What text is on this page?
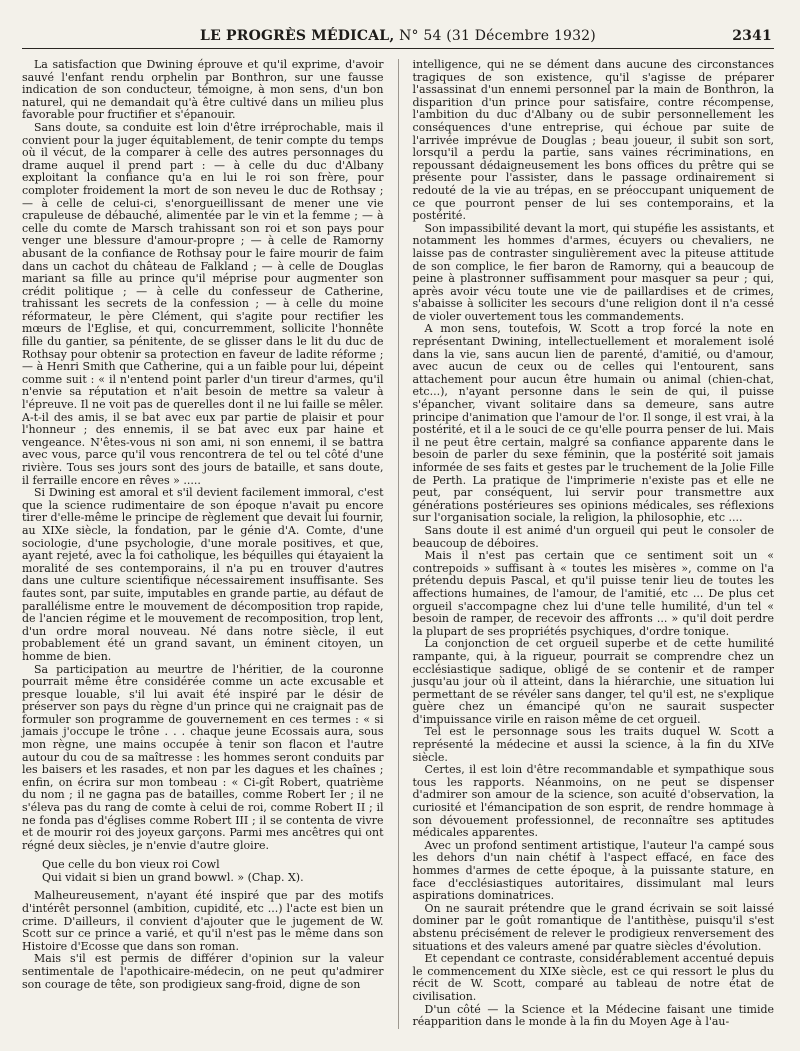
LE PROGRÈS MÉDICAL, N° 54 (31 Décembre 1932)	2341

La satisfaction que Dwining éprouve et qu'il exprime, d'avoir sauvé l'enfant rendu orphelin par Bonthron, sur une fausse indication de son conducteur, témoigne, à mon sens, d'un bon naturel, qui ne demandait qu'à être cultivé dans un milieu plus favorable pour fructifier et s'épanouir.

Sans doute, sa conduite est loin d'être irréprochable, mais il convient pour la juger équitablement, de tenir compte du temps où il vécut, de la comparer à celle des autres personnages du drame auquel il prend part : — à celle du duc d'Albany exploitant la confiance qu'a en lui le roi son frère, pour comploter froidement la mort de son neveu le duc de Rothsay ; — à celle de celui-ci, s'enorgueillissant de mener une vie crapuleuse de débauché, alimentée par le vin et la femme ; — à celle du comte de Marsch trahissant son roi et son pays pour venger une blessure d'amour-propre ; — à celle de Ramorny abusant de la confiance de Rothsay pour le faire mourir de faim dans un cachot du château de Falkland ; — à celle de Douglas mariant sa fille au prince qu'il méprise pour augmenter son crédit politique ; — à celle du confesseur de Catherine, trahissant les secrets de la confession ; — à celle du moine réformateur, le père Clément, qui s'agite pour rectifier les mœurs de l'Eglise, et qui, concurremment, sollicite l'honnête fille du gantier, sa pénitente, de se glisser dans le lit du duc de Rothsay pour obtenir sa protection en faveur de ladite réforme ; — à Henri Smith que Catherine, qui a un faible pour lui, dépeint comme suit : « il n'entend point parler d'un tireur d'armes, qu'il n'envie sa réputation et n'ait besoin de mettre sa valeur à l'épreuve. Il ne voit pas de querelles dont il ne lui faille se mêler. A-t-il des amis, il se bat avec eux par partie de plaisir et pour l'honneur ; des ennemis, il se bat avec eux par haine et vengeance. N'êtes-vous ni son ami, ni son ennemi, il se battra avec vous, parce qu'il vous rencontrera de tel ou tel côté d'une rivière. Tous ses jours sont des jours de bataille, et sans doute, il ferraille encore en rêves » .....

Si Dwining est amoral et s'il devient facilement immoral, c'est que la science rudimentaire de son époque n'avait pu encore tirer d'elle-même le principe de règlement que devait lui fournir, au XIXe siècle, la fondation, par le génie d'A. Comte, d'une sociologie, d'une psychologie, d'une morale positives, et que, ayant rejeté, avec la foi catholique, les béquilles qui étayaient la moralité de ses contemporains, il n'a pu en trouver d'autres dans une culture scientifique nécessairement insuffisante. Ses fautes sont, par suite, imputables en grande partie, au défaut de parallélisme entre le mouvement de décomposition trop rapide, de l'ancien régime et le mouvement de recomposition, trop lent, d'un ordre moral nouveau. Né dans notre siècle, il eut probablement été un grand savant, un éminent citoyen, un homme de bien.

Sa participation au meurtre de l'héritier, de la couronne pourrait même être considérée comme un acte excusable et presque louable, s'il lui avait été inspiré par le désir de préserver son pays du règne d'un prince qui ne craignait pas de formuler son programme de gouvernement en ces termes : « si jamais j'occupe le trône . . . chaque jeune Ecossais aura, sous mon règne, une mains occupée à tenir son flacon et l'autre autour du cou de sa maîtresse : les hommes seront conduits par les baisers et les rasades, et non par les dagues et les chaînes ; enfin, on écrira sur mon tombeau : « Ci-gît Robert, quatrième du nom ; il ne gagna pas de batailles, comme Robert Ier ; il ne s'éleva pas du rang de comte à celui de roi, comme Robert II ; il ne fonda pas d'églises comme Robert III ; il se contenta de vivre et de mourir roi des joyeux garçons. Parmi mes ancêtres qui ont régné deux siècles, je n'envie d'autre gloire.

Que celle du bon vieux roi Cowl
Qui vidait si bien un grand bowwl. » (Chap. X).

Malheureusement, n'ayant été inspiré que par des motifs d'intérêt personnel (ambition, cupidité, etc ...) l'acte est bien un crime. D'ailleurs, il convient d'ajouter que le jugement de W. Scott sur ce prince a varié, et qu'il n'est pas le même dans son Histoire d'Ecosse que dans son roman.

Mais s'il est permis de différer d'opinion sur la valeur sentimentale de l'apothicaire-médecin, on ne peut qu'admirer son courage de tête, son prodigieux sang-froid, digne de son

intelligence, qui ne se dément dans aucune des circonstances tragiques de son existence, qu'il s'agisse de préparer l'assassinat d'un ennemi personnel par la main de Bonthron, la disparition d'un prince pour satisfaire, contre récompense, l'ambition du duc d'Albany ou de subir personnellement les conséquences d'une entreprise, qui échoue par suite de l'arrivée imprévue de Douglas ; beau joueur, il subit son sort, lorsqu'il a perdu la partie, sans vaines récriminations, en repoussant dédaigneusement les bons offices du prêtre qui se présente pour l'assister, dans le passage ordinairement si redouté de la vie au trépas, en se préoccupant uniquement de ce que pourront penser de lui ses contemporains, et la postérité.

Son impassibilité devant la mort, qui stupéfie les assistants, et notamment les hommes d'armes, écuyers ou chevaliers, ne laisse pas de contraster singulièrement avec la piteuse attitude de son complice, le fier baron de Ramorny, qui a beaucoup de peine à plastronner suffisamment pour masquer sa peur ; qui, après avoir vécu toute une vie de paillardises et de crimes, s'abaisse à solliciter les secours d'une religion dont il n'a cessé de violer ouvertement tous les commandements.

A mon sens, toutefois, W. Scott a trop forcé la note en représentant Dwining, intellectuellement et moralement isolé dans la vie, sans aucun lien de parenté, d'amitié, ou d'amour, avec aucun de ceux ou de celles qui l'entourent, sans attachement pour aucun être humain ou animal (chien-chat, etc...), n'ayant personne dans le sein de qui, il puisse s'épancher, vivant solitaire dans sa demeure, sans autre principe d'animation que l'amour de l'or. Il songe, il est vrai, à la postérité, et il a le souci de ce qu'elle pourra penser de lui. Mais il ne peut être certain, malgré sa confiance apparente dans le besoin de parler du sexe féminin, que la postérité soit jamais informée de ses faits et gestes par le truchement de la Jolie Fille de Perth. La pratique de l'imprimerie n'existe pas et elle ne peut, par conséquent, lui servir pour transmettre aux générations postérieures ses opinions médicales, ses réflexions sur l'organisation sociale, la religion, la philosophie, etc ....

Sans doute il est animé d'un orgueil qui peut le consoler de beaucoup de déboires.

Mais il n'est pas certain que ce sentiment soit un « contrepoids » suffisant à « toutes les misères », comme on l'a prétendu depuis Pascal, et qu'il puisse tenir lieu de toutes les affections humaines, de l'amour, de l'amitié, etc ... De plus cet orgueil s'accompagne chez lui d'une telle humilité, d'un tel « besoin de ramper, de recevoir des affronts ... » qu'il doit perdre la plupart de ses propriétés psychiques, d'ordre tonique.

La conjonction de cet orgueil superbe et de cette humilité rampante, qui, à la rigueur, pourrait se comprendre chez un ecclésiastique sadique, obligé de se contenir et de ramper jusqu'au jour où il atteint, dans la hiérarchie, une situation lui permettant de se révéler sans danger, tel qu'il est, ne s'explique guère chez un émancipé qu'on ne saurait suspecter d'impuissance virile en raison même de cet orgueil.

Tel est le personnage sous les traits duquel W. Scott a représenté la médecine et aussi la science, à la fin du XIVe siècle.

Certes, il est loin d'être recommandable et sympathique sous tous les rapports. Néanmoins, on ne peut se dispenser d'admirer son amour de la science, son acuité d'observation, la curiosité et l'émancipation de son esprit, de rendre hommage à son dévouement professionnel, de reconnaître ses aptitudes médicales apparentes.

Avec un profond sentiment artistique, l'auteur l'a campé sous les dehors d'un nain chétif à l'aspect effacé, en face des hommes d'armes de cette époque, à la puissante stature, en face d'ecclésiastiques autoritaires, dissimulant mal leurs aspirations dominatrices.

On ne saurait prétendre que le grand écrivain se soit laissé dominer par le goût romantique de l'antithèse, puisqu'il s'est abstenu précisément de relever le prodigieux renversement des situations et des valeurs amené par quatre siècles d'évolution.

Et cependant ce contraste, considérablement accentué depuis le commencement du XIXe siècle, est ce qui ressort le plus du récit de W. Scott, comparé au tableau de notre état de civilisation.

D'un côté — la Science et la Médecine faisant une timide réapparition dans le monde à la fin du Moyen Age à l'au-
